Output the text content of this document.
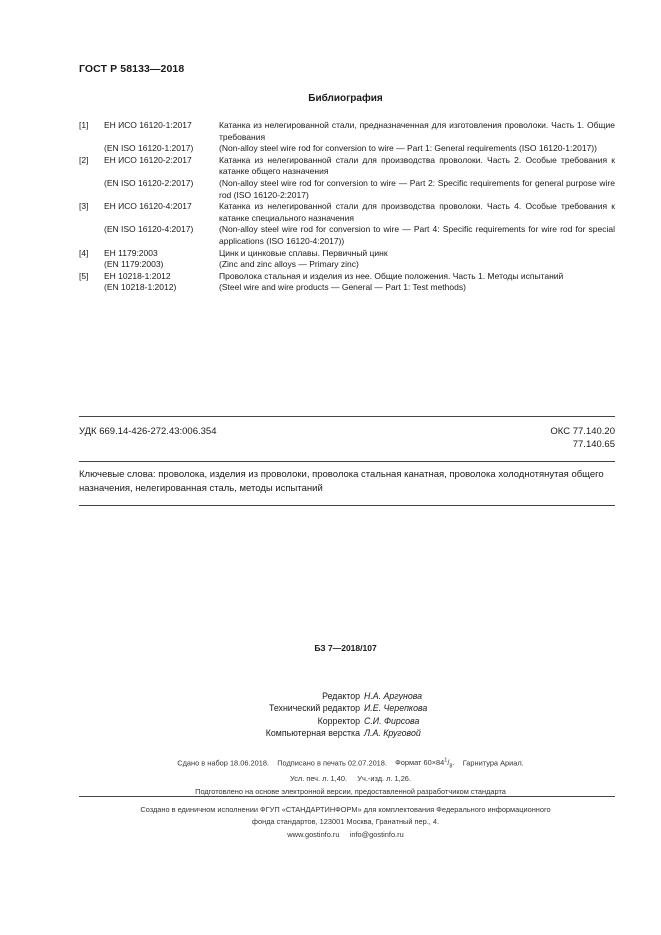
ГОСТ Р 58133—2018
Библиография
[1]	ЕН ИСО 16120-1:2017	Катанка из нелегированной стали, предназначенная для изготовления проволоки. Часть 1. Общие требования
(EN ISO 16120-1:2017)	(Non-alloy steel wire rod for conversion to wire — Part 1: General requirements (ISO 16120-1:2017))
[2]	ЕН ИСО 16120-2:2017	Катанка из нелегированной стали для производства проволоки. Часть 2. Особые требования к катанке общего назначения
(EN ISO 16120-2:2017)	(Non-alloy steel wire rod for conversion to wire — Part 2: Specific requirements for general purpose wire rod (ISO 16120-2:2017)
[3]	ЕН ИСО 16120-4:2017	Катанка из нелегированной стали для производства проволоки. Часть 4. Особые требования к катанке специального назначения
(EN ISO 16120-4:2017)	(Non-alloy steel wire rod for conversion to wire — Part 4: Specific requirements for wire rod for special applications (ISO 16120-4:2017))
[4]	ЕН 1179:2003	Цинк и цинковые сплавы. Первичный цинк
(EN 1179:2003)	(Zinc and zinc alloys — Primary zinc)
[5]	ЕН 10218-1:2012	Проволока стальная и изделия из нее. Общие положения. Часть 1. Методы испытаний
(EN 10218-1:2012)	(Steel wire and wire products — General — Part 1: Test methods)
УДК 669.14-426-272.43:006.354	ОКС 77.140.20
77.140.65
Ключевые слова: проволока, изделия из проволоки, проволока стальная канатная, проволока холоднотянутая общего назначения, нелегированная сталь, методы испытаний
БЗ 7—2018/107
Редактор Н.А. Аргунова
Технический редактор И.Е. Черепкова
Корректор С.И. Фирсова
Компьютерная верстка Л.А. Круговой
Сдано в набор 18.06.2018. Подписано в печать 02.07.2018. Формат $60\times 84^1/_8$. Гарнитура Ариал.
Усл. печ. л. 1,40. Уч.-изд. л. 1,26.
Подготовлено на основе электронной версии, предоставленной разработчиком стандарта
Создано в единичном исполнении ФГУП «СТАНДАРТИНФОРМ» для комплектования Федерального информационного
фонда стандартов, 123001 Москва, Гранатный пер., 4.
www.gostinfo.ru info@gostinfo.ru
